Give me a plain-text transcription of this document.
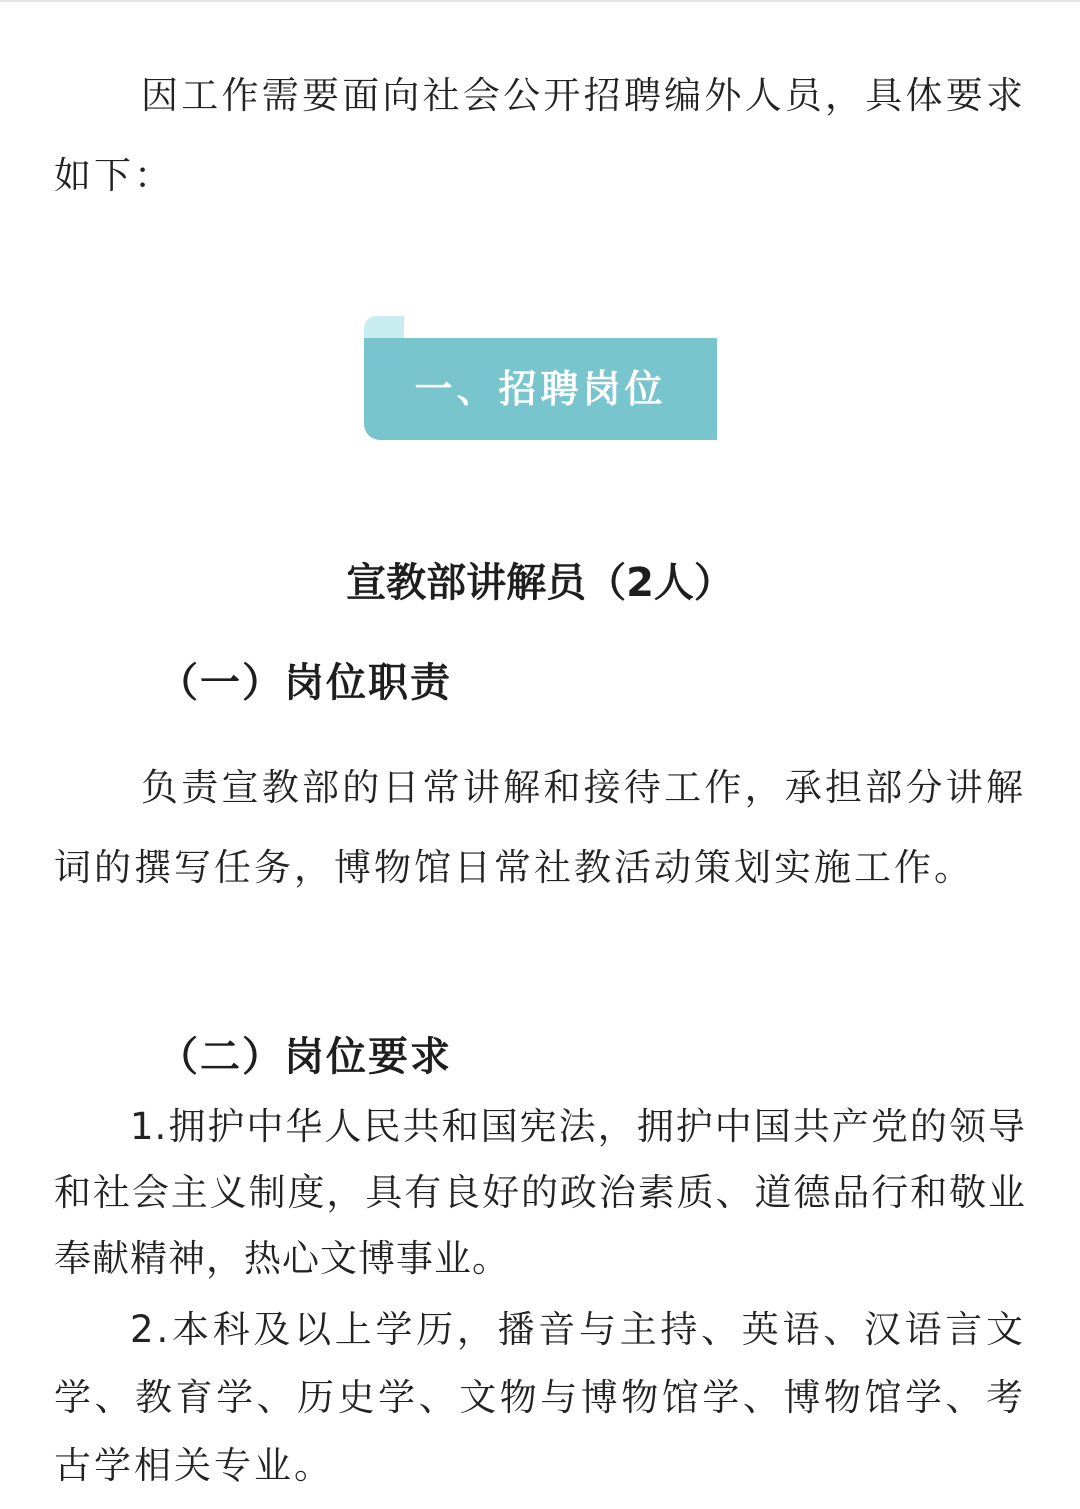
因工作需要面向社会公开招聘编外人员，具体要求如下：

一、招聘岗位
宣教部讲解员（2人）
（一）岗位职责

负责宣教部的日常讲解和接待工作，承担部分讲解词的撰写任务，博物馆日常社教活动策划实施工作。

（二）岗位要求

1.拥护中华人民共和国宪法，拥护中国共产党的领导和社会主义制度，具有良好的政治素质、道德品行和敬业奉献精神，热心文博事业。

2.本科及以上学历，播音与主持、英语、汉语言文学、教育学、历史学、文物与博物馆学、博物馆学、考古学相关专业。
